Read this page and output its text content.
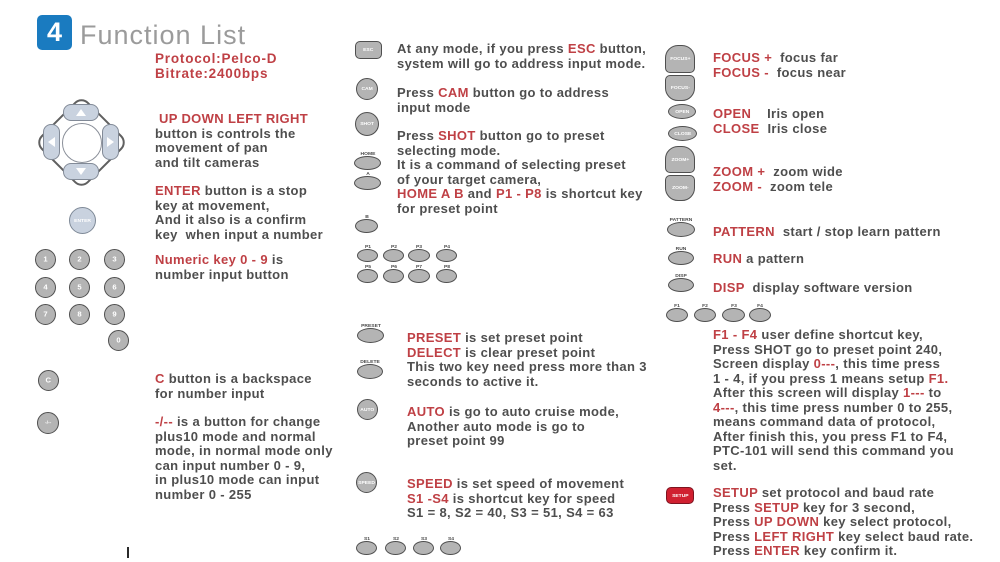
4 Function List
Protocol:Pelco-D
Bitrate:2400bps
ENTER
1	2	3
4	5	6
7	8	9
0
C
-/--
UP DOWN LEFT RIGHT
button is controls the
movement of pan
and tilt cameras
ENTER button is a stop
key at movement,
And it also is a confirm
key  when input a number
Numeric key 0 - 9 is
number input button
C button is a backspace
for number input
-/-- is a button for change
plus10 mode and normal
mode, in normal mode only
can input number 0 - 9,
in plus10 mode can input
number 0 - 255
ESC At any mode, if you press ESC button,
system will go to address input mode.
CAM Press CAM button go to address
input mode
SHOT
Press SHOT button go to preset
selecting mode.
It is a command of selecting preset
of your target camera,
HOME A B and P1 - P8 is shortcut key
for preset point
HOME
A
B
P1	P2	P3	P4
P5	P6	P7	P8
PRESET
DELETE
PRESET is set preset point
DELECT is clear preset point
This two key need press more than 3
seconds to active it.
AUTO	AUTO is go to auto cruise mode,
Another auto mode is go to
preset point 99
SPEED SPEED is set speed of movement
S1 -S4 is shortcut key for speed
S1 = 8, S2 = 40, S3 = 51, S4 = 63
S1	S2	S3	S4
FOCUS+
FOCUS-
FOCUS +  focus far
FOCUS -  focus near
OPEN
CLOSE
OPEN    Iris open
CLOSE  Iris close
ZOOM+
ZOOM-
ZOOM +  zoom wide
ZOOM -  zoom tele
PATTERN
PATTERN  start / stop learn pattern
RUN
RUN a pattern
DISP
DISP  display software version
F1	F2	F3	F4
F1 - F4 user define shortcut key,
Press SHOT go to preset point 240,
Screen display 0---, this time press
1 - 4, if you press 1 means setup F1.
After this screen will display 1--- to
4---, this time press number 0 to 255,
means command data of protocol,
After finish this, you press F1 to F4,
PTC-101 will send this command you
set.
SETUP SETUP set protocol and baud rate
Press SETUP key for 3 second,
Press UP DOWN key select protocol,
Press LEFT RIGHT key select baud rate.
Press ENTER key confirm it.
